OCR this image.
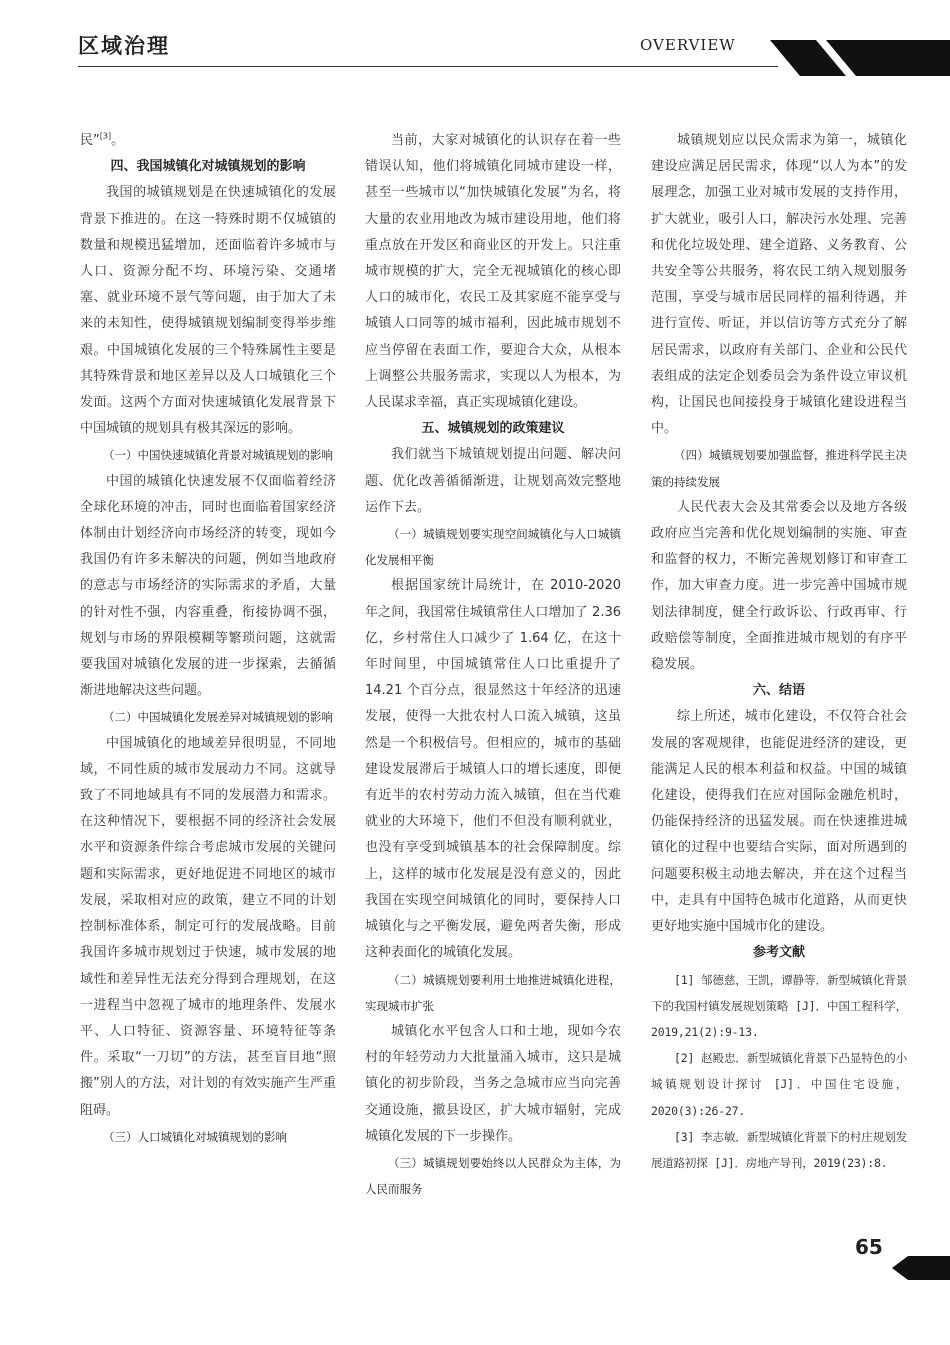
区域治理	OVERVIEW

民”[3]。

四、我国城镇化对城镇规划的影响

我国的城镇规划是在快速城镇化的发展背景下推进的。在这一特殊时期不仅城镇的数量和规模迅猛增加，还面临着许多城市与人口、资源分配不均、环境污染、交通堵塞、就业环境不景气等问题，由于加大了未来的未知性，使得城镇规划编制变得举步维艰。中国城镇化发展的三个特殊属性主要是其特殊背景和地区差异以及人口城镇化三个发面。这两个方面对快速城镇化发展背景下中国城镇的规划具有极其深远的影响。

（一）中国快速城镇化背景对城镇规划的影响

中国的城镇化快速发展不仅面临着经济全球化环境的冲击，同时也面临着国家经济体制由计划经济向市场经济的转变，现如今我国仍有许多未解决的问题，例如当地政府的意志与市场经济的实际需求的矛盾，大量的针对性不强，内容重叠，衔接协调不强，规划与市场的界限模糊等繁琐问题，这就需要我国对城镇化发展的进一步探索，去循循渐进地解决这些问题。

（二）中国城镇化发展差异对城镇规划的影响

中国城镇化的地域差异很明显，不同地域，不同性质的城市发展动力不同。这就导致了不同地域具有不同的发展潜力和需求。在这种情况下，要根据不同的经济社会发展水平和资源条件综合考虑城市发展的关键问题和实际需求，更好地促进不同地区的城市发展，采取相对应的政策，建立不同的计划控制标准体系，制定可行的发展战略。目前我国许多城市规划过于快速，城市发展的地域性和差异性无法充分得到合理规划，在这一进程当中忽视了城市的地理条件、发展水平、人口特征、资源容量、环境特征等条件。采取“一刀切”的方法，甚至盲目地“照搬”别人的方法，对计划的有效实施产生严重阻碍。

（三）人口城镇化对城镇规划的影响

当前，大家对城镇化的认识存在着一些错误认知，他们将城镇化同城市建设一样，甚至一些城市以“加快城镇化发展”为名，将大量的农业用地改为城市建设用地，他们将重点放在开发区和商业区的开发上。只注重城市规模的扩大，完全无视城镇化的核心即人口的城市化，农民工及其家庭不能享受与城镇人口同等的城市福利，因此城市规划不应当停留在表面工作，要迎合大众，从根本上调整公共服务需求，实现以人为根本，为人民谋求幸福，真正实现城镇化建设。

五、城镇规划的政策建议

我们就当下城镇规划提出问题、解决问题、优化改善循循渐进，让规划高效完整地运作下去。

（一）城镇规划要实现空间城镇化与人口城镇化发展相平衡

根据国家统计局统计，在 2010-2020 年之间，我国常住城镇常住人口增加了 2.36 亿，乡村常住人口减少了 1.64 亿，在这十年时间里，中国城镇常住人口比重提升了 14.21 个百分点，很显然这十年经济的迅速发展，使得一大批农村人口流入城镇，这虽然是一个积极信号。但相应的，城市的基础建设发展滞后于城镇人口的增长速度，即便有近半的农村劳动力流入城镇，但在当代难就业的大环境下，他们不但没有顺利就业，也没有享受到城镇基本的社会保障制度。综上，这样的城市化发展是没有意义的，因此我国在实现空间城镇化的同时，要保持人口城镇化与之平衡发展，避免两者失衡，形成这种表面化的城镇化发展。

（二）城镇规划要利用土地推进城镇化进程，实现城市扩张

城镇化水平包含人口和土地，现如今农村的年轻劳动力大批量涌入城市，这只是城镇化的初步阶段，当务之急城市应当向完善交通设施，撤县设区，扩大城市辐射，完成城镇化发展的下一步操作。

（三）城镇规划要始终以人民群众为主体，为人民而服务

城镇规划应以民众需求为第一，城镇化建设应满足居民需求，体现“以人为本”的发展理念，加强工业对城市发展的支持作用，扩大就业，吸引人口，解决污水处理、完善和优化垃圾处理、建全道路、义务教育、公共安全等公共服务，将农民工纳入规划服务范围，享受与城市居民同样的福利待遇，并进行宣传、听证，并以信访等方式充分了解居民需求，以政府有关部门、企业和公民代表组成的法定企划委员会为条件设立审议机构，让国民也间接投身于城镇化建设进程当中。

（四）城镇规划要加强监督，推进科学民主决策的持续发展

人民代表大会及其常委会以及地方各级政府应当完善和优化规划编制的实施、审查和监督的权力，不断完善规划修订和审查工作，加大审查力度。进一步完善中国城市规划法律制度，健全行政诉讼、行政再审、行政赔偿等制度，全面推进城市规划的有序平稳发展。

六、结语

综上所述，城市化建设，不仅符合社会发展的客观规律，也能促进经济的建设，更能满足人民的根本利益和权益。中国的城镇化建设，使得我们在应对国际金融危机时，仍能保持经济的迅猛发展。而在快速推进城镇化的过程中也要结合实际，面对所遇到的问题要积极主动地去解决，并在这个过程当中，走具有中国特色城市化道路，从而更快更好地实施中国城市化的建设。

参考文献

[1] 邹德慈，王凯，谭静等．新型城镇化背景下的我国村镇发展规划策略 [J]．中国工程科学，2019,21(2):9-13.

[2] 赵殿忠．新型城镇化背景下凸显特色的小城镇规划设计探讨 [J]．中国住宅设施，2020(3):26-27.

[3] 李志敏．新型城镇化背景下的村庄规划发展道路初探 [J]．房地产导刊，2019(23):8.

65
